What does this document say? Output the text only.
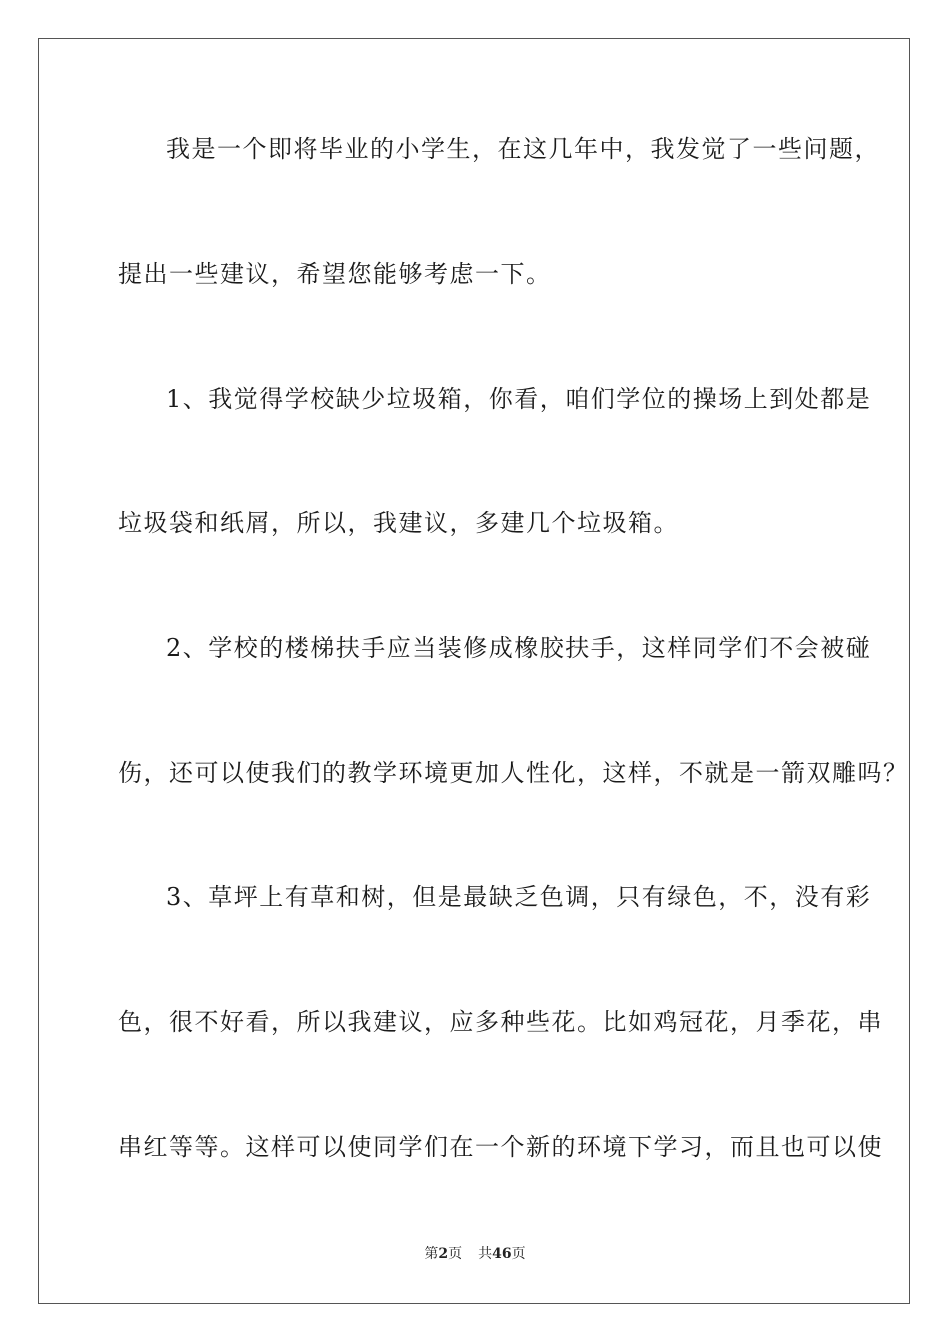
我是一个即将毕业的小学生，在这几年中，我发觉了一些问题，
提出一些建议，希望您能够考虑一下。
1、我觉得学校缺少垃圾箱，你看，咱们学位的操场上到处都是
垃圾袋和纸屑，所以，我建议，多建几个垃圾箱。
2、学校的楼梯扶手应当装修成橡胶扶手，这样同学们不会被碰
伤，还可以使我们的教学环境更加人性化，这样，不就是一箭双雕吗？
3、草坪上有草和树，但是最缺乏色调，只有绿色，不，没有彩
色，很不好看，所以我建议，应多种些花。比如鸡冠花，月季花，串
串红等等。这样可以使同学们在一个新的环境下学习，而且也可以使
第2页 共46页
